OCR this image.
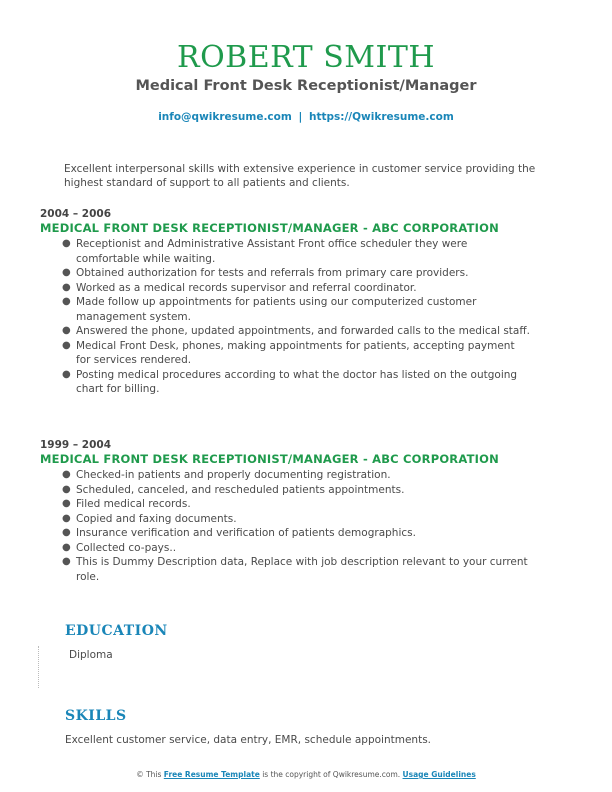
ROBERT SMITH
Medical Front Desk Receptionist/Manager
info@qwikresume.com | https://Qwikresume.com
Excellent interpersonal skills with extensive experience in customer service providing the highest standard of support to all patients and clients.
2004 – 2006
MEDICAL FRONT DESK RECEPTIONIST/MANAGER - ABC CORPORATION
● Receptionist and Administrative Assistant Front office scheduler they were comfortable while waiting.
● Obtained authorization for tests and referrals from primary care providers.
● Worked as a medical records supervisor and referral coordinator.
● Made follow up appointments for patients using our computerized customer management system.
● Answered the phone, updated appointments, and forwarded calls to the medical staff.
● Medical Front Desk, phones, making appointments for patients, accepting payment for services rendered.
● Posting medical procedures according to what the doctor has listed on the outgoing chart for billing.
1999 – 2004
MEDICAL FRONT DESK RECEPTIONIST/MANAGER - ABC CORPORATION
● Checked-in patients and properly documenting registration.
● Scheduled, canceled, and rescheduled patients appointments.
● Filed medical records.
● Copied and faxing documents.
● Insurance verification and verification of patients demographics.
● Collected co-pays..
● This is Dummy Description data, Replace with job description relevant to your current role.
EDUCATION
Diploma
SKILLS
Excellent customer service, data entry, EMR, schedule appointments.
© This Free Resume Template is the copyright of Qwikresume.com. Usage Guidelines
